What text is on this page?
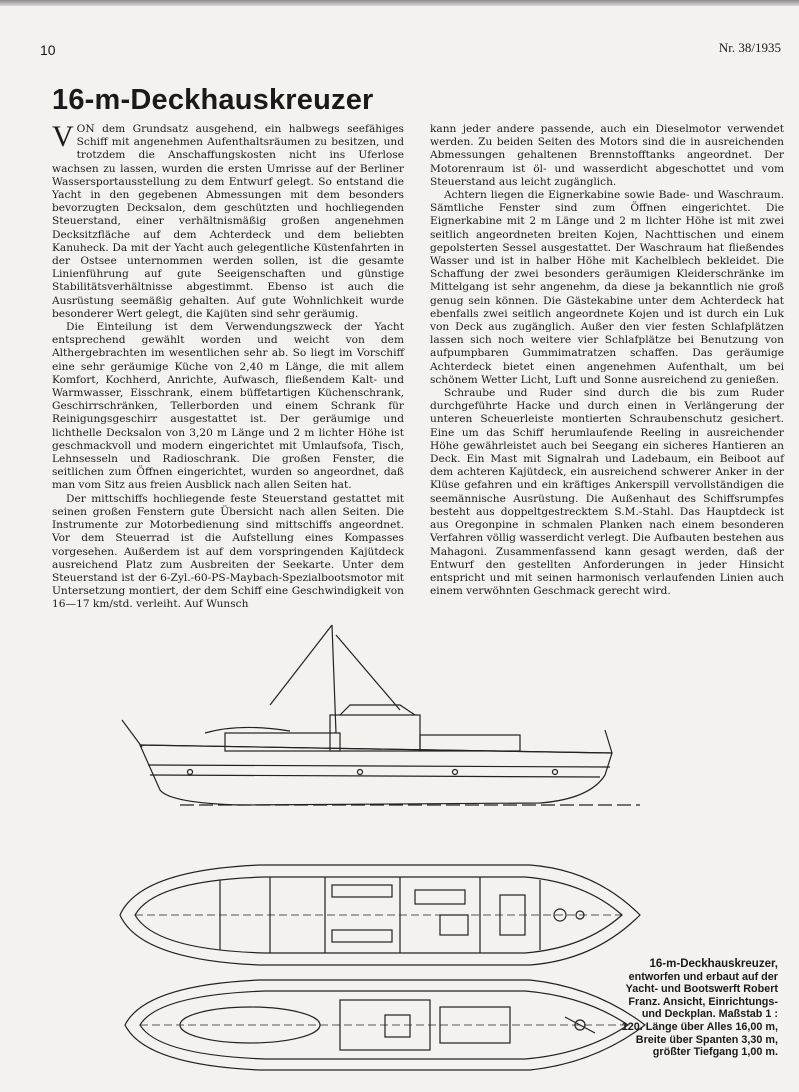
10	Nr. 38/1935
16-m-Deckhauskreuzer

VON dem Grundsatz ausgehend, ein halbwegs seefähiges Schiff mit angenehmen Aufenthaltsräumen zu besitzen, und trotzdem die Anschaffungskosten nicht ins Uferlose wachsen zu lassen, wurden die ersten Umrisse auf der Berliner Wassersportausstellung zu dem Entwurf gelegt. So entstand die Yacht in den gegebenen Abmessungen mit dem besonders bevorzugten Decksalon, dem geschützten und hochliegenden Steuerstand, einer verhältnismäßig großen angenehmen Decksitzfläche auf dem Achterdeck und dem beliebten Kanuheck. Da mit der Yacht auch gelegentliche Küstenfahrten in der Ostsee unternommen werden sollen, ist die gesamte Linienführung auf gute Seeigenschaften und günstige Stabilitätsverhältnisse abgestimmt. Ebenso ist auch die Ausrüstung seemäßig gehalten. Auf gute Wohnlichkeit wurde besonderer Wert gelegt, die Kajüten sind sehr geräumig.

Die Einteilung ist dem Verwendungszweck der Yacht entsprechend gewählt worden und weicht von dem Althergebrachten im wesentlichen sehr ab. So liegt im Vorschiff eine sehr geräumige Küche von 2,40 m Länge, die mit allem Komfort, Kochherd, Anrichte, Aufwasch, fließendem Kalt- und Warmwasser, Eisschrank, einem büffetartigen Küchenschrank, Geschirrschränken, Tellerborden und einem Schrank für Reinigungsgeschirr ausgestattet ist. Der geräumige und lichthelle Decksalon von 3,20 m Länge und 2 m lichter Höhe ist geschmackvoll und modern eingerichtet mit Umlaufsofa, Tisch, Lehnsesseln und Radioschrank. Die großen Fenster, die seitlichen zum Öffnen eingerichtet, wurden so angeordnet, daß man vom Sitz aus freien Ausblick nach allen Seiten hat.

Der mittschiffs hochliegende feste Steuerstand gestattet mit seinen großen Fenstern gute Übersicht nach allen Seiten. Die Instrumente zur Motorbedienung sind mittschiffs angeordnet. Vor dem Steuerrad ist die Aufstellung eines Kompasses vorgesehen. Außerdem ist auf dem vorspringenden Kajütdeck ausreichend Platz zum Ausbreiten der Seekarte. Unter dem Steuerstand ist der 6-Zyl.-60-PS-Maybach-Spezialbootsmotor mit Untersetzung montiert, der dem Schiff eine Geschwindigkeit von 16—17 km/std. verleiht. Auf Wunsch

kann jeder andere passende, auch ein Dieselmotor verwendet werden. Zu beiden Seiten des Motors sind die in ausreichenden Abmessungen gehaltenen Brennstofftanks angeordnet. Der Motorenraum ist öl- und wasserdicht abgeschottet und vom Steuerstand aus leicht zugänglich.

Achtern liegen die Eignerkabine sowie Bade- und Waschraum. Sämtliche Fenster sind zum Öffnen eingerichtet. Die Eignerkabine mit 2 m Länge und 2 m lichter Höhe ist mit zwei seitlich angeordneten breiten Kojen, Nachttischen und einem gepolsterten Sessel ausgestattet. Der Waschraum hat fließendes Wasser und ist in halber Höhe mit Kachelblech bekleidet. Die Schaffung der zwei besonders geräumigen Kleiderschränke im Mittelgang ist sehr angenehm, da diese ja bekanntlich nie groß genug sein können. Die Gästekabine unter dem Achterdeck hat ebenfalls zwei seitlich angeordnete Kojen und ist durch ein Luk von Deck aus zugänglich. Außer den vier festen Schlafplätzen lassen sich noch weitere vier Schlafplätze bei Benutzung von aufpumpbaren Gummimatratzen schaffen. Das geräumige Achterdeck bietet einen angenehmen Aufenthalt, um bei schönem Wetter Licht, Luft und Sonne ausreichend zu genießen.

Schraube und Ruder sind durch die bis zum Ruder durchgeführte Hacke und durch einen in Verlängerung der unteren Scheuerleiste montierten Schraubenschutz gesichert. Eine um das Schiff herumlaufende Reeling in ausreichender Höhe gewährleistet auch bei Seegang ein sicheres Hantieren an Deck. Ein Mast mit Signalrah und Ladebaum, ein Beiboot auf dem achteren Kajütdeck, ein ausreichend schwerer Anker in der Klüse gefahren und ein kräftiges Ankerspill vervollständigen die seemännische Ausrüstung. Die Außenhaut des Schiffsrumpfes besteht aus doppeltgestrecktem S.M.-Stahl. Das Hauptdeck ist aus Oregonpine in schmalen Planken nach einem besonderen Verfahren völlig wasserdicht verlegt. Die Aufbauten bestehen aus Mahagoni. Zusammenfassend kann gesagt werden, daß der Entwurf den gestellten Anforderungen in jeder Hinsicht entspricht und mit seinen harmonisch verlaufenden Linien auch einem verwöhnten Geschmack gerecht wird.

16-m-Deckhauskreuzer, entworfen und erbaut auf der Yacht- und Bootswerft Robert Franz. Ansicht, Einrichtungs- und Deckplan. Maßstab 1 : 120. Länge über Alles 16,00 m, Breite über Spanten 3,30 m, größter Tiefgang 1,00 m.
